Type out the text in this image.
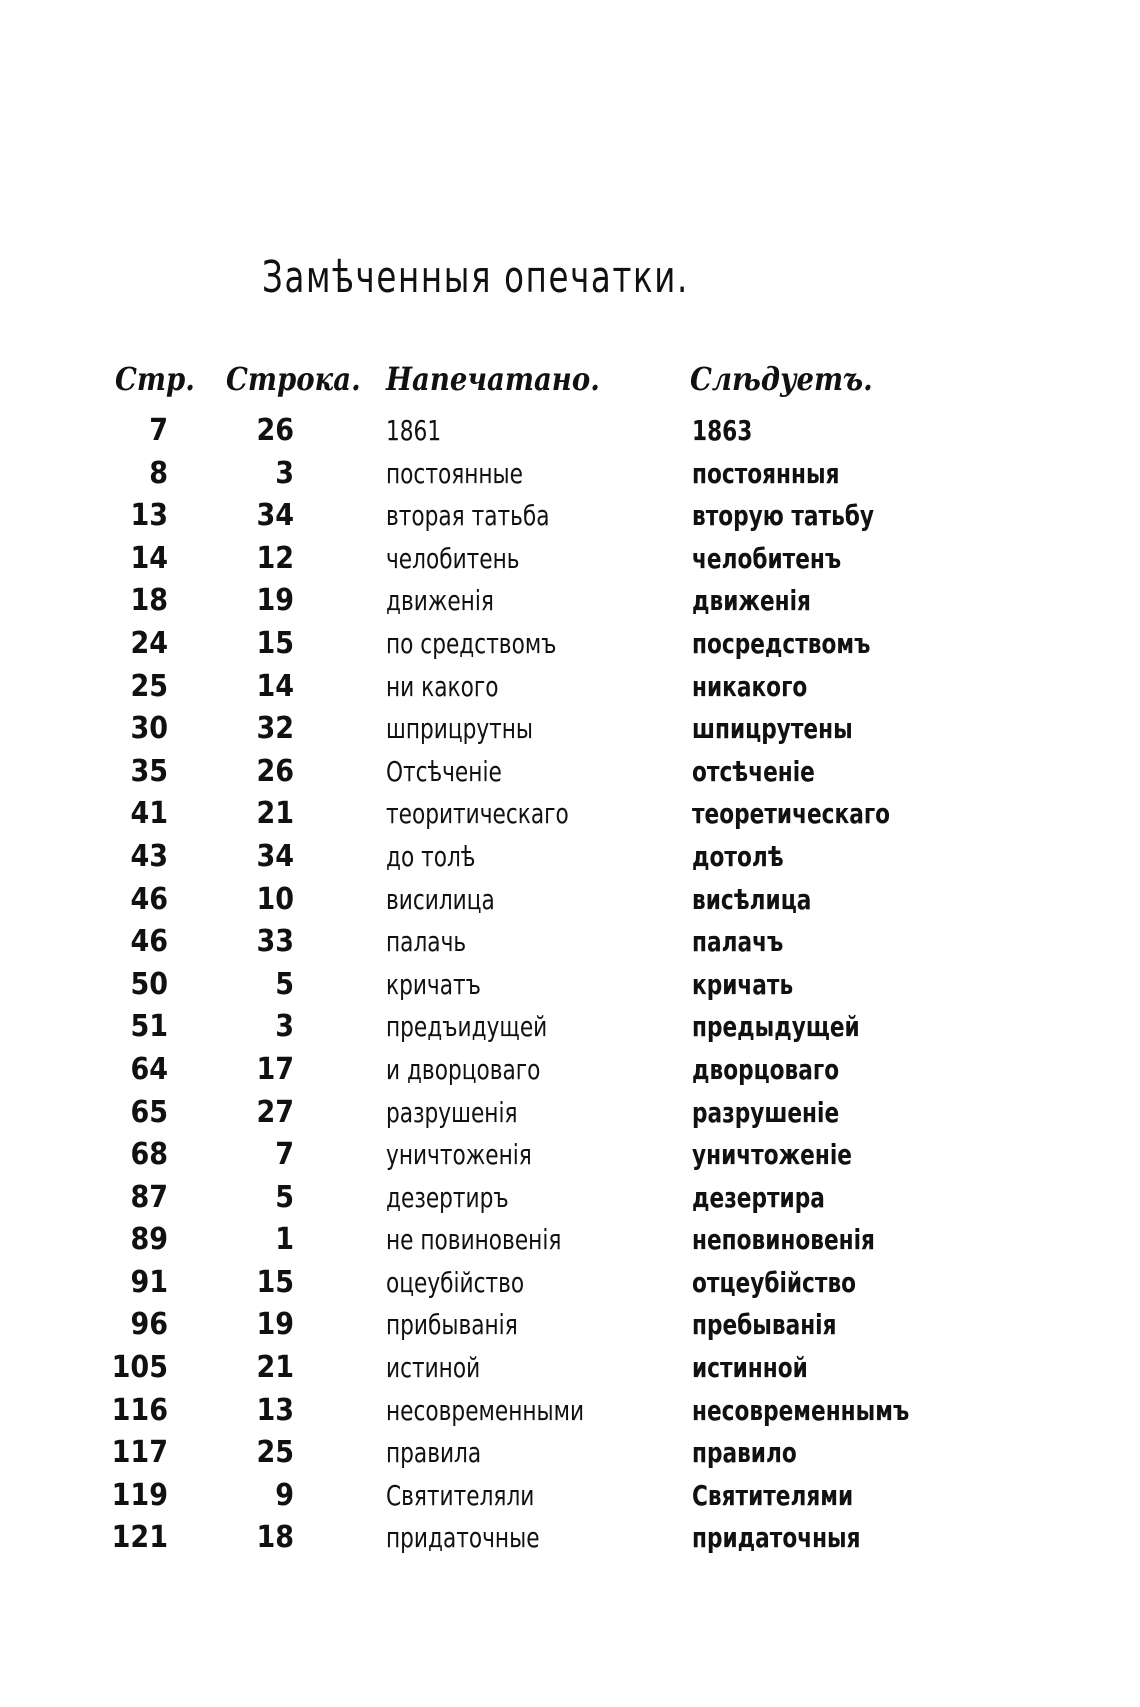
Замѣченныя опечатки.
Стр. Строка. Напечатано.	Слѣдуетъ.
7	26	1861	1863
8	3	постоянные	постоянныя
13	34	вторая татьба	вторую татьбу
14	12	челобитень	челобитенъ
18	19	движенiя	движенiя
24	15	по средствомъ	посредствомъ
25	14	ни какого	никакого
30	32	шприцрутны	шпицрутены
35	26	Отсѣченiе	отсѣченiе
41	21	теоритическаго	теоретическаго
43	34	до толѣ	дотолѣ
46	10	висилица	висѣлица
46	33	палачь	палачъ
50	5	кричатъ	кричать
51	3	предъидущей	предыдущей
64	17	и дворцоваго	дворцоваго
65	27	разрушенiя	разрушенiе
68	7	уничтоженiя	уничтоженiе
87	5	дезертиръ	дезертира
89	1	не повиновенiя	неповиновенiя
91	15	оцеубiйство	отцеубiйство
96	19	прибыванiя	пребыванiя
105	21	истиной	истинной
116	13	несовременными	несовременнымъ
117	25	правила	правило
119	9	Святителяли	Святителями
121	18	придаточные	придаточныя
